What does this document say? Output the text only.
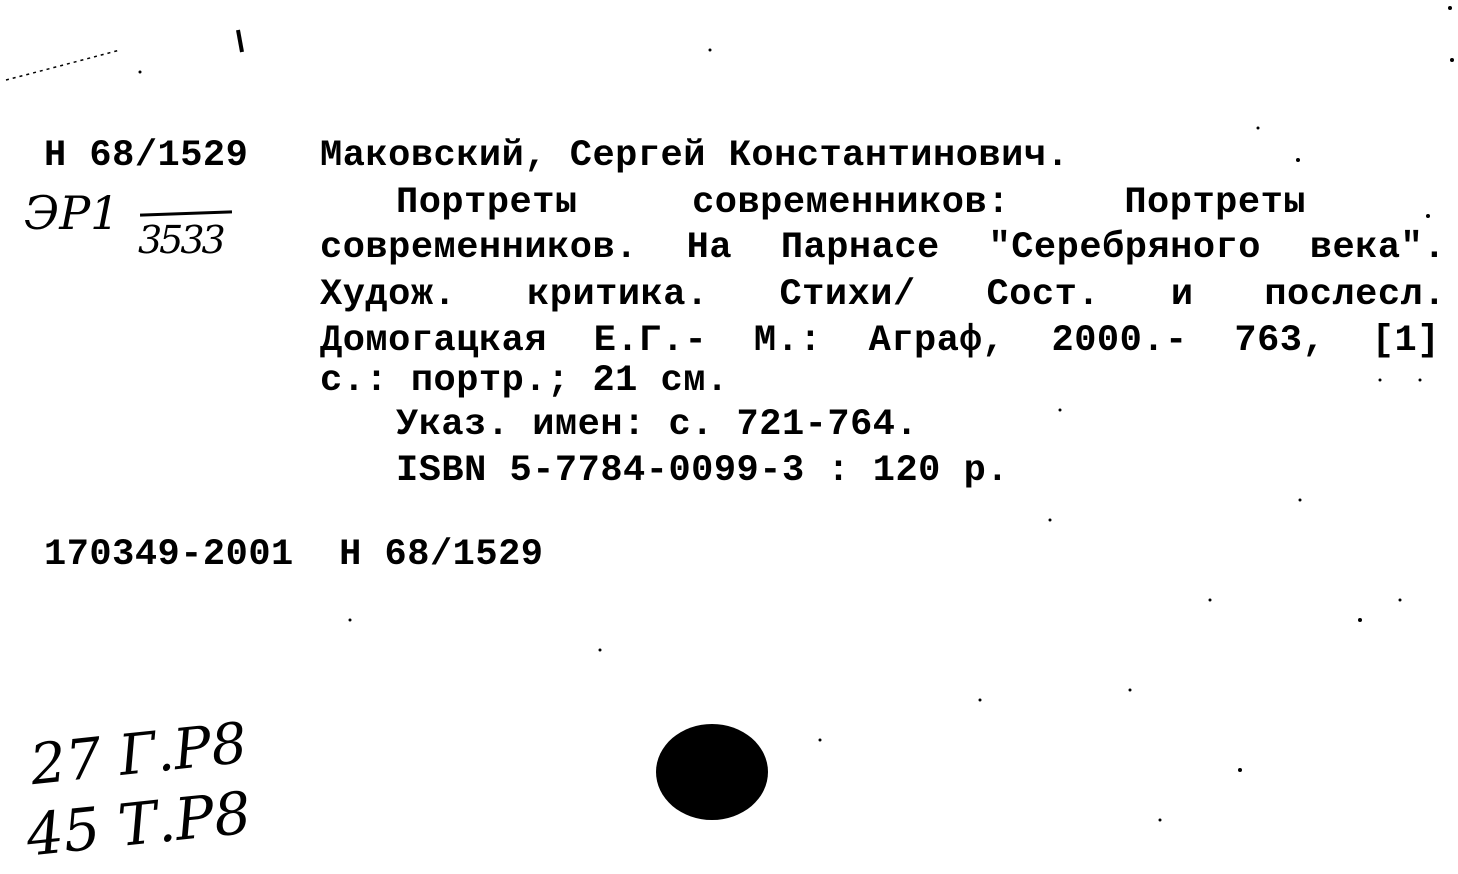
Н 68/1529
ЭР1 3533
Маковский, Сергей Константинович.
Портреты	современников:	Портреты
современников. На Парнасе "Серебряного века".
Худож. критика. Стихи/ Сост. и послесл.
Домогацкая Е.Г.- М.: Аграф, 2000.- 763, [1]
с.: портр.; 21 см.
Указ. имен: с. 721-764.
ISBN 5-7784-0099-3 : 120 р.
170349-2001  Н 68/1529
27 Г.Р8
45 Т.Р8
